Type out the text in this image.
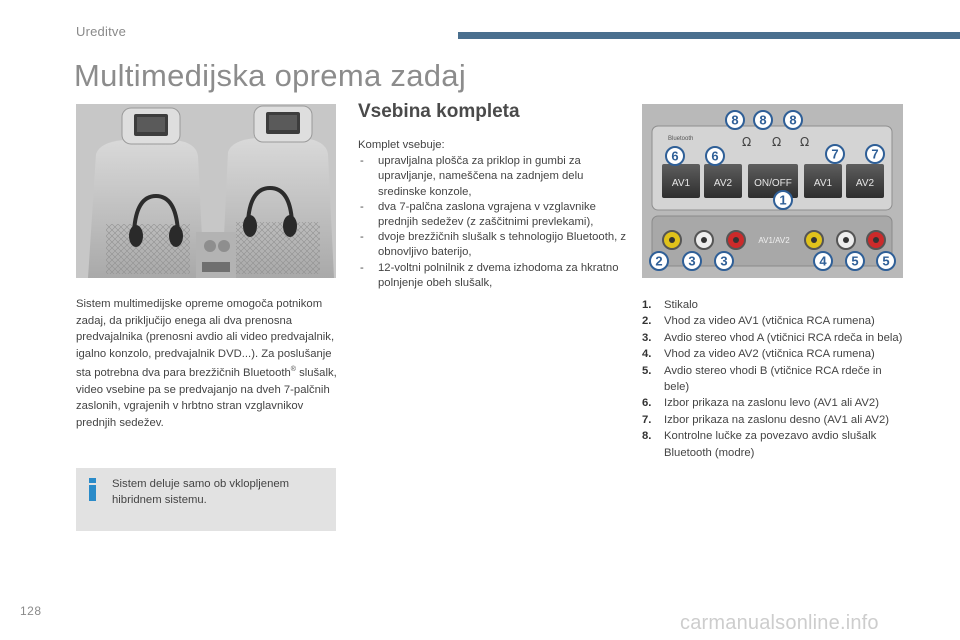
Ureditve
Multimedijska oprema zadaj
Vsebina kompleta

Komplet vsebuje:

- upravljalna plošča za priklop in gumbi za upravljanje, nameščena na zadnjem delu sredinske konzole,
- dva 7-palčna zaslona vgrajena v vzglavnike prednjih sedežev (z zaščitnimi prevlekami),
- dvoje brezžičnih slušalk s tehnologijo Bluetooth, z obnovljivo baterijo,
- 12-voltni polnilnik z dvema izhodoma za hkratno polnjenje obeh slušalk,

Sistem multimedijske opreme omogoča potnikom zadaj, da priključijo enega ali dva prenosna predvajalnika (prenosni avdio ali video predvajalnik, igalno konzolo, predvajalnik DVD...). Za poslušanje sta potrebna dva para brezžičnih Bluetooth® slušalk, video vsebine pa se predvajanjo na dveh 7-palčnih zaslonih, vgrajenih v hrbtno stran vzglavnikov prednjih sedežev.

Sistem deluje samo ob vklopljenem hibridnem sistemu.
Bluetooth	Ω Ω Ω
AV1 AV2 ON/OFF AV1 AV2
AV1/AV2
8 8 8
6	6	7	7
1
2 3 3	4 5 5
1. Stikalo
2. Vhod za video AV1 (vtičnica RCA rumena)
3. Avdio stereo vhod A (vtičnici RCA rdeča in bela)
4. Vhod za video AV2 (vtičnica RCA rumena)
5. Avdio stereo vhodi B (vtičnice RCA rdeče in bele)
6. Izbor prikaza na zaslonu levo (AV1 ali AV2)
7. Izbor prikaza na zaslonu desno (AV1 ali AV2)
8. Kontrolne lučke za povezavo avdio slušalk Bluetooth (modre)
128
carmanualsonline.info
